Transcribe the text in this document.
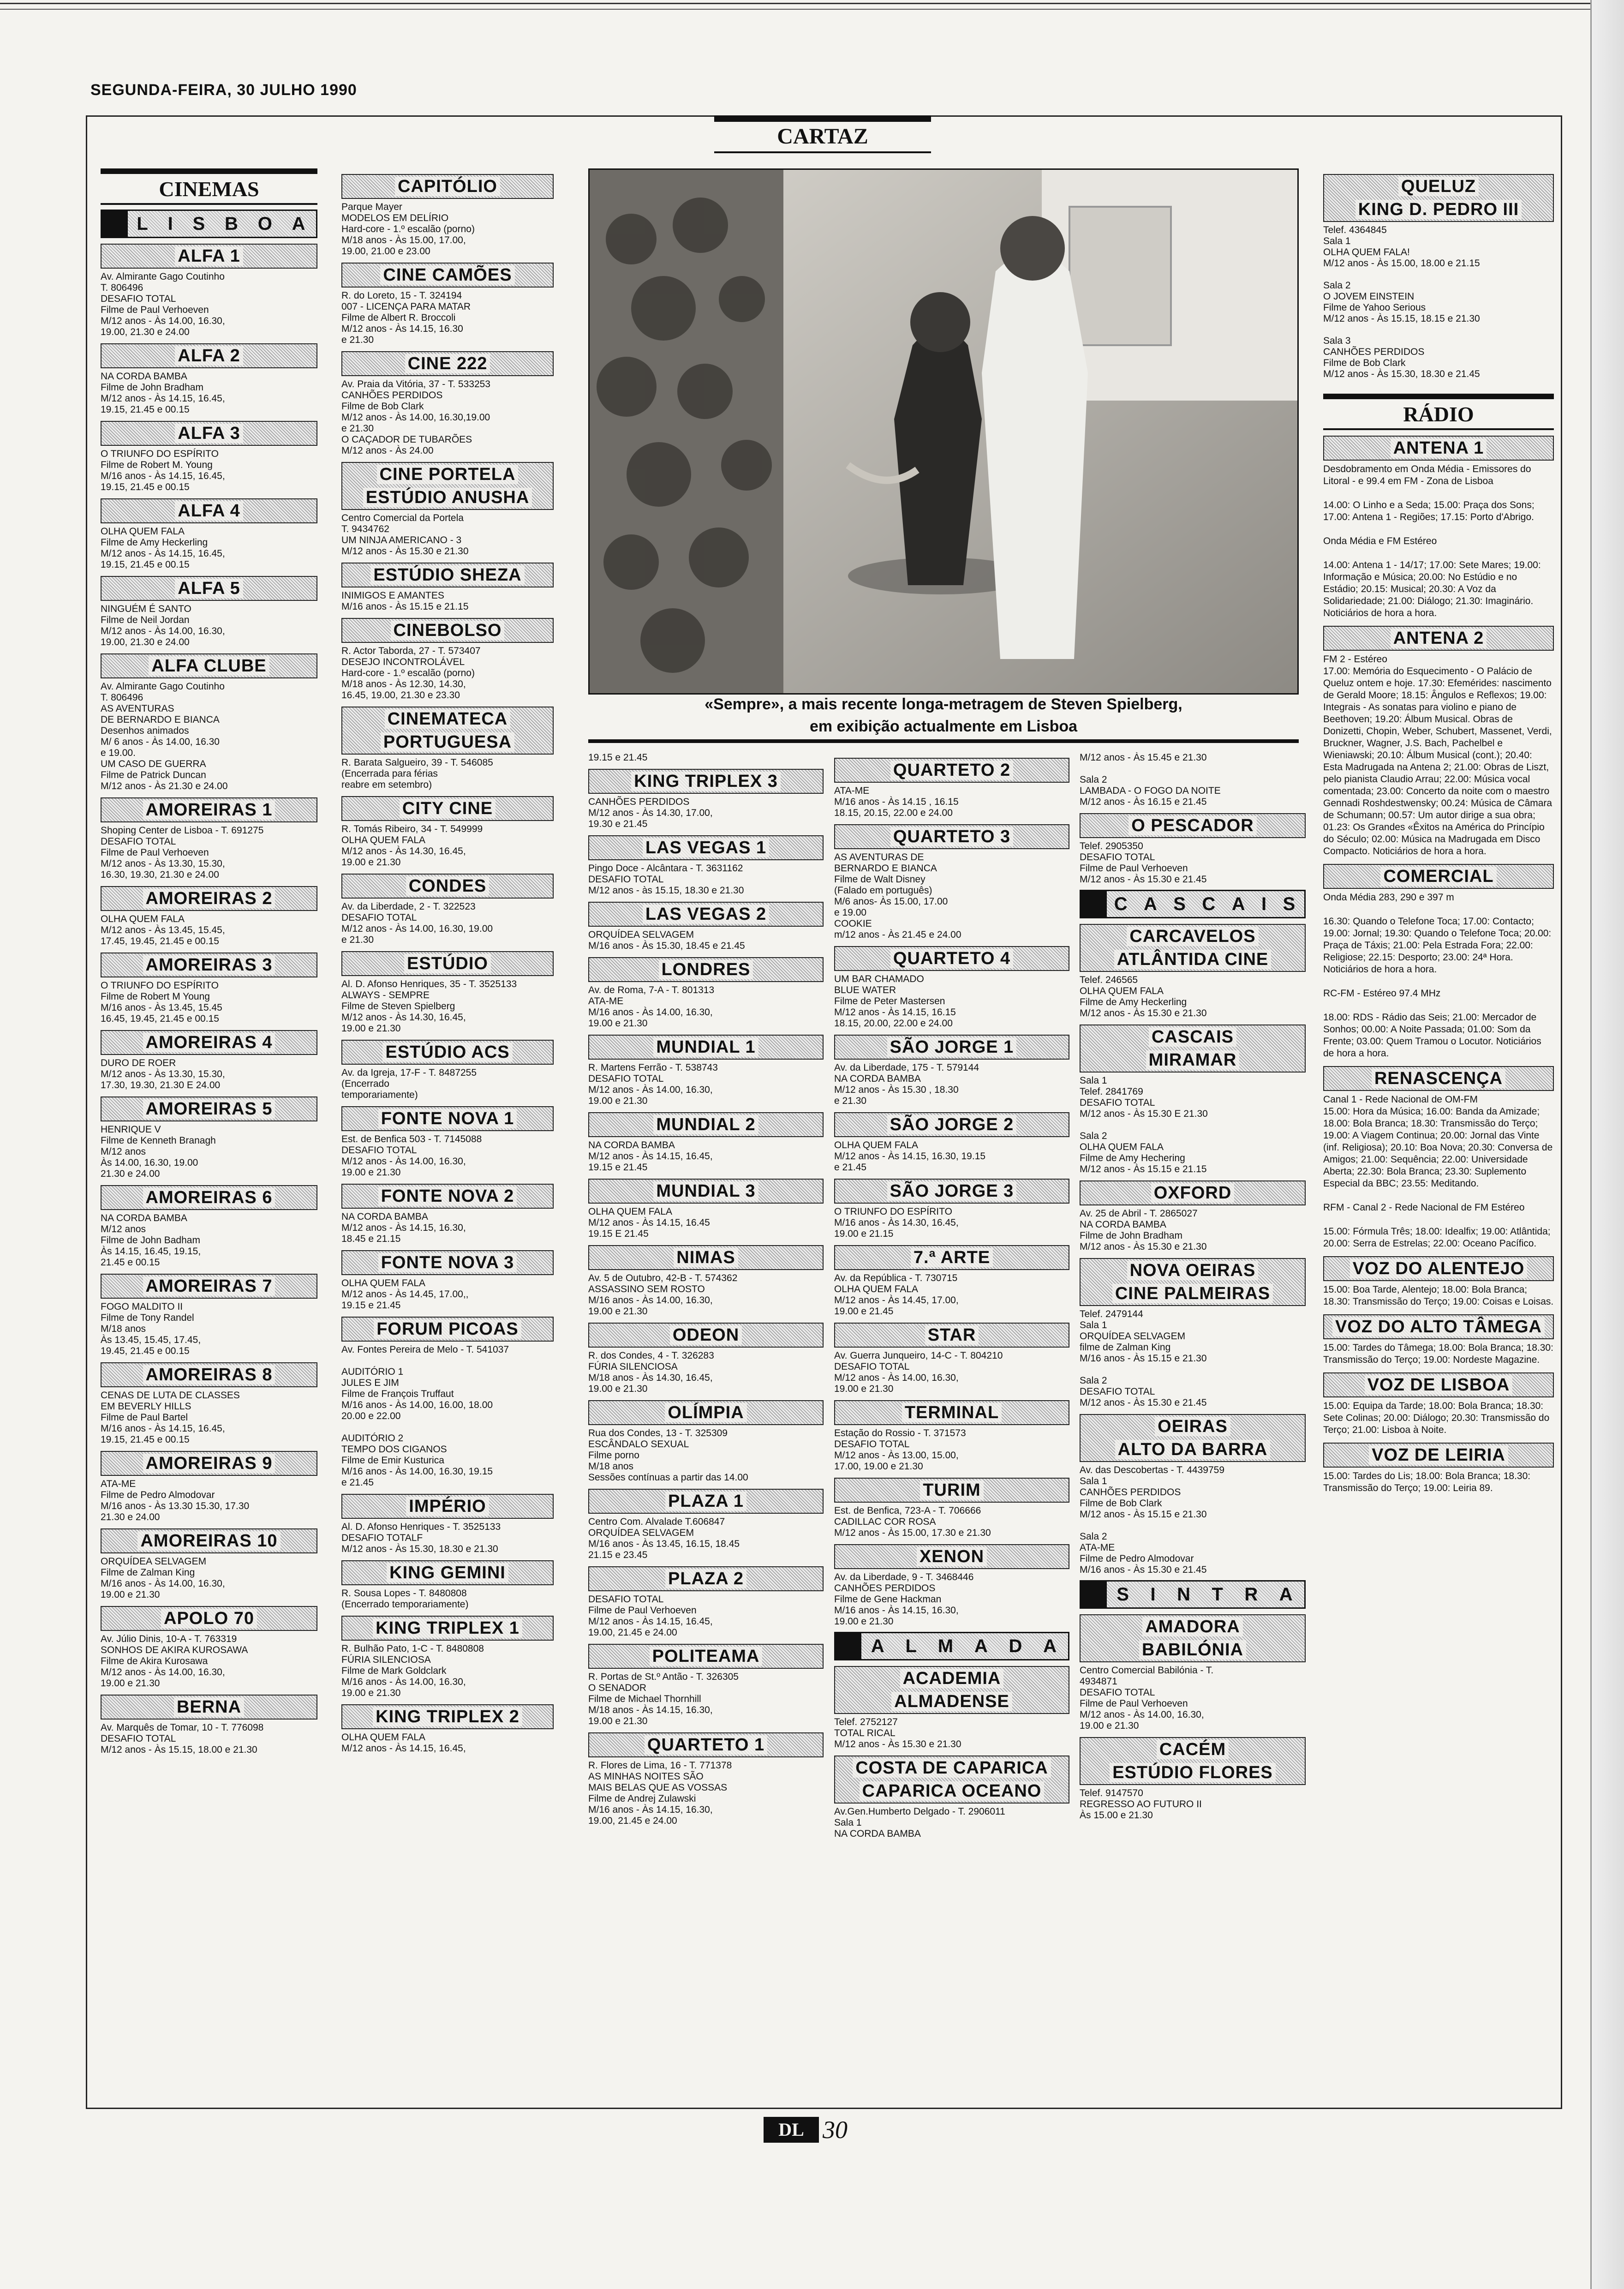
SEGUNDA-FEIRA, 30 JULHO 1990
CARTAZ
CINEMAS
L I S B O A
ALFA 1
Av. Almirante Gago Coutinho
T. 806496
DESAFIO TOTAL
Filme de Paul Verhoeven
M/12 anos - Às 14.00, 16.30,
19.00, 21.30 e 24.00
ALFA 2
NA CORDA BAMBA
Filme de John Bradham
M/12 anos - Às 14.15, 16.45,
19.15, 21.45 e 00.15
ALFA 3
O TRIUNFO DO ESPÍRITO
Filme de Robert M. Young
M/16 anos - Às 14.15, 16.45,
19.15, 21.45 e 00.15
ALFA 4
OLHA QUEM FALA
Filme de Amy Heckerling
M/12 anos - Às 14.15, 16.45,
19.15, 21.45 e 00.15
ALFA 5
NINGUÉM É SANTO
Filme de Neil Jordan
M/12 anos - Às 14.00, 16.30,
19.00, 21.30 e 24.00
ALFA CLUBE
Av. Almirante Gago Coutinho
T. 806496
AS AVENTURAS
DE BERNARDO E BIANCA
Desenhos animados
M/ 6 anos - Às 14.00, 16.30
e 19.00.
UM CASO DE GUERRA
Filme de Patrick Duncan
M/12 anos - Às 21.30 e 24.00
AMOREIRAS 1
Shoping Center de Lisboa - T. 691275
DESAFIO TOTAL
Filme de Paul Verhoeven
M/12 anos - Às 13.30, 15.30,
16.30, 19.30, 21.30 e 24.00
AMOREIRAS 2
OLHA QUEM FALA
M/12 anos - Às 13.45, 15.45,
17.45, 19.45, 21.45 e 00.15
AMOREIRAS 3
O TRIUNFO DO ESPÍRITO
Filme de Robert M Young
M/16 anos - Às 13.45, 15.45
16.45, 19.45, 21.45 e 00.15
AMOREIRAS 4
DURO DE ROER
M/12 anos - Às 13.30, 15.30,
17.30, 19.30, 21.30 E 24.00
AMOREIRAS 5
HENRIQUE V
Filme de Kenneth Branagh
M/12 anos
Às 14.00, 16.30, 19.00
21.30 e 24.00
AMOREIRAS 6
NA CORDA BAMBA
M/12 anos
Filme de John Badham
Às 14.15, 16.45, 19.15,
21.45 e 00.15
AMOREIRAS 7
FOGO MALDITO II
Filme de Tony Randel
M/18 anos
Às 13.45, 15.45, 17.45,
19.45, 21.45 e 00.15
AMOREIRAS 8
CENAS DE LUTA DE CLASSES
EM BEVERLY HILLS
Filme de Paul Bartel
M/16 anos - Às 14.15, 16.45,
19.15, 21.45 e 00.15
AMOREIRAS 9
ATA-ME
Filme de Pedro Almodovar
M/16 anos - Às 13.30 15.30, 17.30
21.30 e 24.00
AMOREIRAS 10
ORQUÍDEA SELVAGEM
Filme de Zalman King
M/16 anos - Às 14.00, 16.30,
19.00 e 21.30
APOLO 70
Av. Júlio Dinis, 10-A - T. 763319
SONHOS DE AKIRA KUROSAWA
Filme de Akira Kurosawa
M/12 anos - Às 14.00, 16.30,
19.00 e 21.30
BERNA
Av. Marquês de Tomar, 10 - T. 776098
DESAFIO TOTAL
M/12 anos - Às 15.15, 18.00 e 21.30
CAPITÓLIO
Parque Mayer
MODELOS EM DELÍRIO
Hard-core - 1.º escalão (porno)
M/18 anos - Às 15.00, 17.00,
19.00, 21.00 e 23.00
CINE CAMÕES
R. do Loreto, 15 - T. 324194
007 - LICENÇA PARA MATAR
Filme de Albert R. Broccoli
M/12 anos - Às 14.15, 16.30
e 21.30
CINE 222
Av. Praia da Vitória, 37 - T. 533253
CANHÕES PERDIDOS
Filme de Bob Clark
M/12 anos - Às 14.00, 16.30,19.00
e 21.30
O CAÇADOR DE TUBARÕES
M/12 anos - Às 24.00
CINE PORTELA
ESTÚDIO ANUSHA
Centro Comercial da Portela
T. 9434762
UM NINJA AMERICANO - 3
M/12 anos - Às 15.30 e 21.30
ESTÚDIO SHEZA
INIMIGOS E AMANTES
M/16 anos - Às 15.15 e 21.15
CINEBOLSO
R. Actor Taborda, 27 - T. 573407
DESEJO INCONTROLÁVEL
Hard-core - 1.º escalão (porno)
M/18 anos - Às 12.30, 14.30,
16.45, 19.00, 21.30 e 23.30
CINEMATECA
PORTUGUESA
R. Barata Salgueiro, 39 - T. 546085
(Encerrada para férias
reabre em setembro)
CITY CINE
R. Tomás Ribeiro, 34 - T. 549999
OLHA QUEM FALA
M/12 anos - Às 14.30, 16.45,
19.00 e 21.30
CONDES
Av. da Liberdade, 2 - T. 322523
DESAFIO TOTAL
M/12 anos - Às 14.00, 16.30, 19.00
e 21.30
ESTÚDIO
Al. D. Afonso Henriques, 35 - T. 3525133
ALWAYS - SEMPRE
Filme de Steven Spielberg
M/12 anos - Às 14.30, 16.45,
19.00 e 21.30
ESTÚDIO ACS
Av. da Igreja, 17-F - T. 8487255
(Encerrado
temporariamente)
FONTE NOVA 1
Est. de Benfica 503 - T. 7145088
DESAFIO TOTAL
M/12 anos - Às 14.00, 16.30,
19.00 e 21.30
FONTE NOVA 2
NA CORDA BAMBA
M/12 anos - Às 14.15, 16.30,
18.45 e 21.15
FONTE NOVA 3
OLHA QUEM FALA
M/12 anos - Às 14.45, 17.00,,
19.15 e 21.45
FORUM PICOAS
Av. Fontes Pereira de Melo - T. 541037

AUDITÓRIO 1
JULES E JIM
Filme de François Truffaut
M/16 anos - Às 14.00, 16.00, 18.00
20.00 e 22.00

AUDITÓRIO 2
TEMPO DOS CIGANOS
Filme de Emir Kusturica
M/16 anos - Às 14.00, 16.30, 19.15
e 21.45
IMPÉRIO
Al. D. Afonso Henriques - T. 3525133
DESAFIO TOTALF
M/12 anos - Às 15.30, 18.30 e 21.30
KING GEMINI
R. Sousa Lopes - T. 8480808
(Encerrado temporariamente)
KING TRIPLEX 1
R. Bulhão Pato, 1-C - T. 8480808
FÚRIA SILENCIOSA
Filme de Mark Goldclark
M/16 anos - Às 14.00, 16.30,
19.00 e 21.30
KING TRIPLEX 2
OLHA QUEM FALA
M/12 anos - Às 14.15, 16.45,
«Sempre», a mais recente longa-metragem de Steven Spielberg,
em exibição actualmente em Lisboa
19.15 e 21.45
KING TRIPLEX 3
CANHÕES PERDIDOS
M/12 anos - Às 14.30, 17.00,
19.30 e 21.45
LAS VEGAS 1
Pingo Doce - Alcântara - T. 3631162
DESAFIO TOTAL
M/12 anos - às 15.15, 18.30 e 21.30
LAS VEGAS 2
ORQUÍDEA SELVAGEM
M/16 anos - Às 15.30, 18.45 e 21.45
LONDRES
Av. de Roma, 7-A - T. 801313
ATA-ME
M/16 anos - Às 14.00, 16.30,
19.00 e 21.30
MUNDIAL 1
R. Martens Ferrão - T. 538743
DESAFIO TOTAL
M/12 anos - Às 14.00, 16.30,
19.00 e 21.30
MUNDIAL 2
NA CORDA BAMBA
M/12 anos - Às 14.15, 16.45,
19.15 e 21.45
MUNDIAL 3
OLHA QUEM FALA
M/12 anos - Às 14.15, 16.45
19.15 E 21.45
NIMAS
Av. 5 de Outubro, 42-B - T. 574362
ASSASSINO SEM ROSTO
M/16 anos - Às 14.00, 16.30,
19.00 e 21.30
ODEON
R. dos Condes, 4 - T. 326283
FÚRIA SILENCIOSA
M/18 anos - Às 14.30, 16.45,
19.00 e 21.30
OLÍMPIA
Rua dos Condes, 13 - T. 325309
ESCÂNDALO SEXUAL
Filme porno
M/18 anos
Sessões contínuas a partir das 14.00
PLAZA 1
Centro Com. Alvalade T.606847
ORQUÍDEA SELVAGEM
M/16 anos - Às 13.45, 16.15, 18.45
21.15 e 23.45
PLAZA 2
DESAFIO TOTAL
Filme de Paul Verhoeven
M/12 anos - Às 14.15, 16.45,
19.00, 21.45 e 24.00
POLITEAMA
R. Portas de St.º Antão - T. 326305
O SENADOR
Filme de Michael Thornhill
M/18 anos - Às 14.15, 16.30,
19.00 e 21.30
QUARTETO 1
R. Flores de Lima, 16 - T. 771378
AS MINHAS NOITES SÃO
MAIS BELAS QUE AS VOSSAS
Filme de Andrej Zulawski
M/16 anos - Às 14.15, 16.30,
19.00, 21.45 e 24.00
QUARTETO 2
ATA-ME
M/16 anos - Às 14.15 , 16.15
18.15, 20.15, 22.00 e 24.00
QUARTETO 3
AS AVENTURAS DE
BERNARDO E BIANCA
Filme de Walt Disney
(Falado em português)
M/6 anos- Às 15.00, 17.00
e 19.00
COOKIE
m/12 anos - Às 21.45 e 24.00
QUARTETO 4
UM BAR CHAMADO
BLUE WATER
Filme de Peter Mastersen
M/12 anos - Às 14.15, 16.15
18.15, 20.00, 22.00 e 24.00
SÃO JORGE 1
Av. da Liberdade, 175 - T. 579144
NA CORDA BAMBA
M/12 anos - Às 15.30 , 18.30
e 21.30
SÃO JORGE 2
OLHA QUEM FALA
M/12 anos - Às 14.15, 16.30, 19.15
e 21.45
SÃO JORGE 3
O TRIUNFO DO ESPÍRITO
M/16 anos - Às 14.30, 16.45,
19.00 e 21.15
7.ª ARTE
Av. da República - T. 730715
OLHA QUEM FALA
M/12 anos - Às 14.45, 17.00,
19.00 e 21.45
STAR
Av. Guerra Junqueiro, 14-C - T. 804210
DESAFIO TOTAL
M/12 anos - Às 14.00, 16.30,
19.00 e 21.30
TERMINAL
Estação do Rossio - T. 371573
DESAFIO TOTAL
M/12 anos - Às 13.00, 15.00,
17.00, 19.00 e 21.30
TURIM
Est. de Benfica, 723-A - T. 706666
CADILLAC COR ROSA
M/12 anos - Às 15.00, 17.30 e 21.30
XENON
Av. da Liberdade, 9 - T. 3468446
CANHÕES PERDIDOS
Filme de Gene Hackman
M/16 anos - Às 14.15, 16.30,
19.00 e 21.30
A L M A D A
ACADEMIA
ALMADENSE
Telef. 2752127
TOTAL RICAL
M/12 anos - Às 15.30 e 21.30
COSTA DE CAPARICA
CAPARICA OCEANO
Av.Gen.Humberto Delgado - T. 2906011
Sala 1
NA CORDA BAMBA
M/12 anos - Às 15.45 e 21.30

Sala 2
LAMBADA - O FOGO DA NOITE
M/12 anos - Às 16.15 e 21.45
O PESCADOR
Telef. 2905350
DESAFIO TOTAL
Filme de Paul Verhoeven
M/12 anos - Às 15.30 e 21.45
C A S C A I S
CARCAVELOS
ATLÂNTIDA CINE
Telef. 246565
OLHA QUEM FALA
Filme de Amy Heckerling
M/12 anos - Às 15.30 e 21.30
CASCAIS
MIRAMAR
Sala 1
Telef. 2841769
DESAFIO TOTAL
M/12 anos - Às 15.30 E 21.30

Sala 2
OLHA QUEM FALA
Filme de Amy Hechering
M/12 anos - Às 15.15 e 21.15
OXFORD
Av. 25 de Abril - T. 2865027
NA CORDA BAMBA
Filme de John Bradham
M/12 anos - Às 15.30 e 21.30
NOVA OEIRAS
CINE PALMEIRAS
Telef. 2479144
Sala 1
ORQUÍDEA SELVAGEM
filme de Zalman King
M/16 anos - Às 15.15 e 21.30

Sala 2
DESAFIO TOTAL
M/12 anos - Às 15.30 e 21.45
OEIRAS
ALTO DA BARRA
Av. das Descobertas - T. 4439759
Sala 1
CANHÕES PERDIDOS
Filme de Bob Clark
M/12 anos - Às 15.15 e 21.30

Sala 2
ATA-ME
Filme de Pedro Almodovar
M/16 anos - Às 15.30 e 21.45
S I N T R A
AMADORA
BABILÓNIA
Centro Comercial Babilónia - T.
4934871
DESAFIO TOTAL
Filme de Paul Verhoeven
M/12 anos - Às 14.00, 16.30,
19.00 e 21.30
CACÉM
ESTÚDIO FLORES
Telef. 9147570
REGRESSO AO FUTURO II
Às 15.00 e 21.30
QUELUZ
KING D. PEDRO III
Telef. 4364845
Sala 1
OLHA QUEM FALA!
M/12 anos - Às 15.00, 18.00 e 21.15

Sala 2
O JOVEM EINSTEIN
Filme de Yahoo Serious
M/12 anos - Às 15.15, 18.15 e 21.30

Sala 3
CANHÕES PERDIDOS
Filme de Bob Clark
M/12 anos - Às 15.30, 18.30 e 21.45
RÁDIO
ANTENA 1
Desdobramento em Onda Média - Emissores do Litoral - e 99.4 em FM - Zona de Lisboa

14.00: O Linho e a Seda; 15.00: Praça dos Sons; 17.00: Antena 1 - Regiões; 17.15: Porto d'Abrigo.

Onda Média e FM Estéreo

14.00: Antena 1 - 14/17; 17.00: Sete Mares; 19.00: Informação e Música; 20.00: No Estúdio e no Estádio; 20.15: Musical; 20.30: A Voz da Solidariedade; 21.00: Diálogo; 21.30: Imaginário. Noticiários de hora a hora.
ANTENA 2
FM 2 - Estéreo
17.00: Memória do Esquecimento - O Palácio de Queluz ontem e hoje. 17.30: Efemérides: nascimento de Gerald Moore; 18.15: Ângulos e Reflexos; 19.00: Integrais - As sonatas para violino e piano de Beethoven; 19.20: Álbum Musical. Obras de Donizetti, Chopin, Weber, Schubert, Massenet, Verdi, Bruckner, Wagner, J.S. Bach, Pachelbel e Wieniawski; 20.10: Álbum Musical (cont.); 20.40: Esta Madrugada na Antena 2; 21.00: Obras de Liszt, pelo pianista Claudio Arrau; 22.00: Música vocal comentada; 23.00: Concerto da noite com o maestro Gennadi Roshdestwensky; 00.24: Música de Câmara de Schumann; 00.57: Um autor dirige a sua obra; 01.23: Os Grandes «Êxitos na América do Princípio do Século; 02.00: Música na Madrugada em Disco Compacto. Noticiários de hora a hora.
COMERCIAL
Onda Média 283, 290 e 397 m

16.30: Quando o Telefone Toca; 17.00: Contacto; 19.00: Jornal; 19.30: Quando o Telefone Toca; 20.00: Praça de Táxis; 21.00: Pela Estrada Fora; 22.00: Religiose; 22.15: Desporto; 23.00: 24ª Hora. Noticiários de hora a hora.

RC-FM - Estéreo 97.4 MHz

18.00: RDS - Rádio das Seis; 21.00: Mercador de Sonhos; 00.00: A Noite Passada; 01.00: Som da Frente; 03.00: Quem Tramou o Locutor. Noticiários de hora a hora.
RENASCENÇA
Canal 1 - Rede Nacional de OM-FM
15.00: Hora da Música; 16.00: Banda da Amizade; 18.00: Bola Branca; 18.30: Transmissão do Terço; 19.00: A Viagem Continua; 20.00: Jornal das Vinte (inf. Religiosa); 20.10: Boa Nova; 20.30: Conversa de Amigos; 21.00: Sequência; 22.00: Universidade Aberta; 22.30: Bola Branca; 23.30: Suplemento Especial da BBC; 23.55: Meditando.

RFM - Canal 2 - Rede Nacional de FM Estéreo

15.00: Fórmula Três; 18.00: Idealfix; 19.00: Atlântida; 20.00: Serra de Estrelas; 22.00: Oceano Pacífico.
VOZ DO ALENTEJO
15.00: Boa Tarde, Alentejo; 18.00: Bola Branca; 18.30: Transmissão do Terço; 19.00: Coisas e Loisas.
VOZ DO ALTO TÂMEGA
15.00: Tardes do Tâmega; 18.00: Bola Branca; 18.30: Transmissão do Terço; 19.00: Nordeste Magazine.
VOZ DE LISBOA
15.00: Equipa da Tarde; 18.00: Bola Branca; 18.30: Sete Colinas; 20.00: Diálogo; 20.30: Transmissão do Terço; 21.00: Lisboa à Noite.
VOZ DE LEIRIA
15.00: Tardes do Lis; 18.00: Bola Branca; 18.30: Transmissão do Terço; 19.00: Leiria 89.
DL 30
